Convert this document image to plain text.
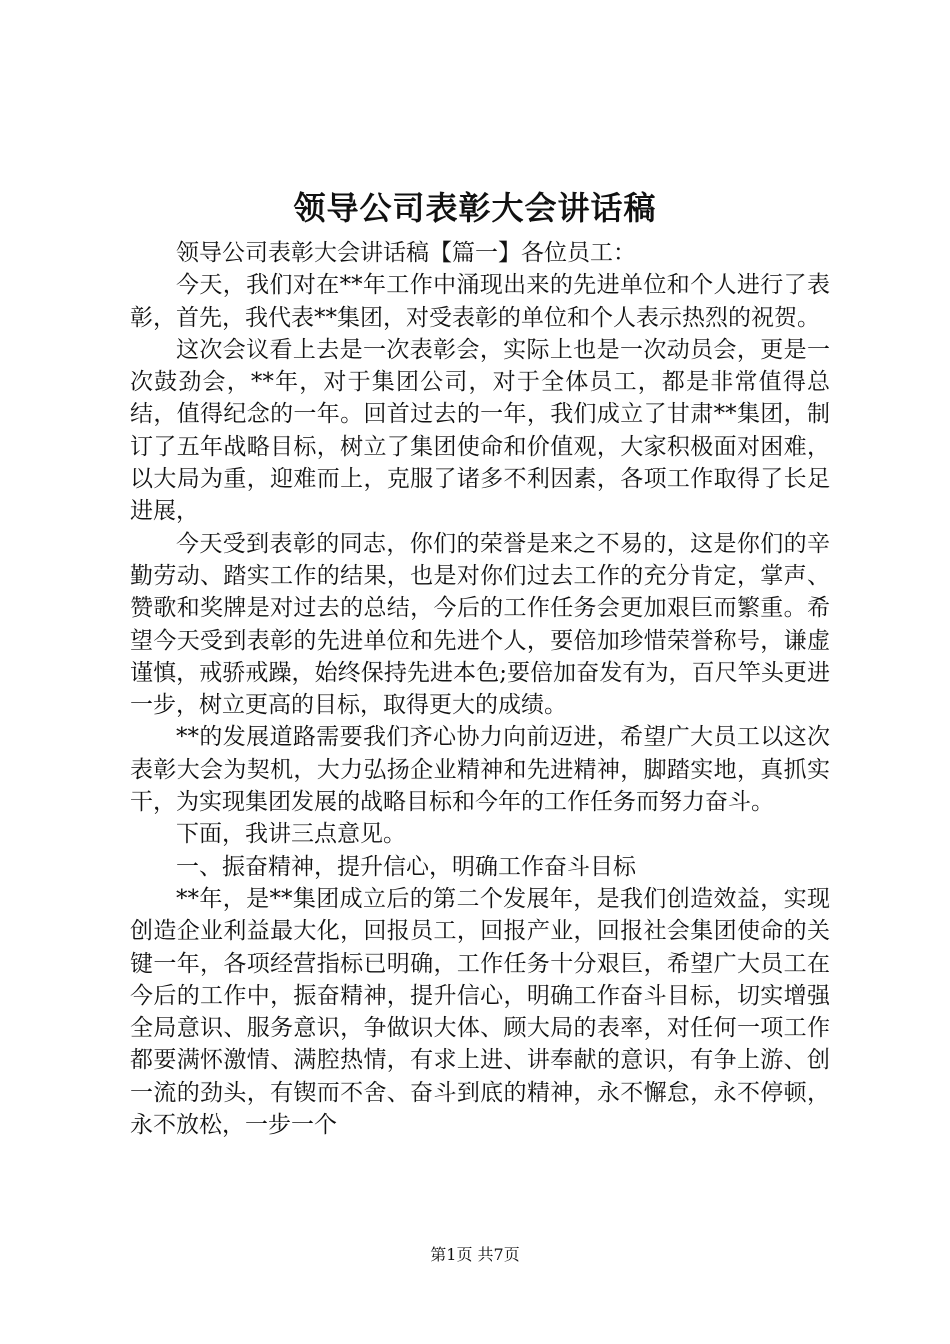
领导公司表彰大会讲话稿

领导公司表彰大会讲话稿【篇一】各位员工：

今天，我们对在**年工作中涌现出来的先进单位和个人进行了表彰，首先，我代表**集团，对受表彰的单位和个人表示热烈的祝贺。

这次会议看上去是一次表彰会，实际上也是一次动员会，更是一次鼓劲会，**年，对于集团公司，对于全体员工，都是非常值得总结，值得纪念的一年。回首过去的一年，我们成立了甘肃**集团，制订了五年战略目标，树立了集团使命和价值观，大家积极面对困难，以大局为重，迎难而上，克服了诸多不利因素，各项工作取得了长足进展，

今天受到表彰的同志，你们的荣誉是来之不易的，这是你们的辛勤劳动、踏实工作的结果，也是对你们过去工作的充分肯定，掌声、赞歌和奖牌是对过去的总结，今后的工作任务会更加艰巨而繁重。希望今天受到表彰的先进单位和先进个人，要倍加珍惜荣誉称号，谦虚谨慎，戒骄戒躁，始终保持先进本色;要倍加奋发有为，百尺竿头更进一步，树立更高的目标，取得更大的成绩。

**的发展道路需要我们齐心协力向前迈进，希望广大员工以这次表彰大会为契机，大力弘扬企业精神和先进精神，脚踏实地，真抓实干，为实现集团发展的战略目标和今年的工作任务而努力奋斗。

下面，我讲三点意见。

一、振奋精神，提升信心，明确工作奋斗目标

**年，是**集团成立后的第二个发展年，是我们创造效益，实现创造企业利益最大化，回报员工，回报产业，回报社会集团使命的关键一年，各项经营指标已明确，工作任务十分艰巨，希望广大员工在今后的工作中，振奋精神，提升信心，明确工作奋斗目标，切实增强全局意识、服务意识，争做识大体、顾大局的表率，对任何一项工作都要满怀激情、满腔热情，有求上进、讲奉献的意识，有争上游、创一流的劲头，有锲而不舍、奋斗到底的精神，永不懈怠，永不停顿，永不放松，一步一个

第1页 共7页
